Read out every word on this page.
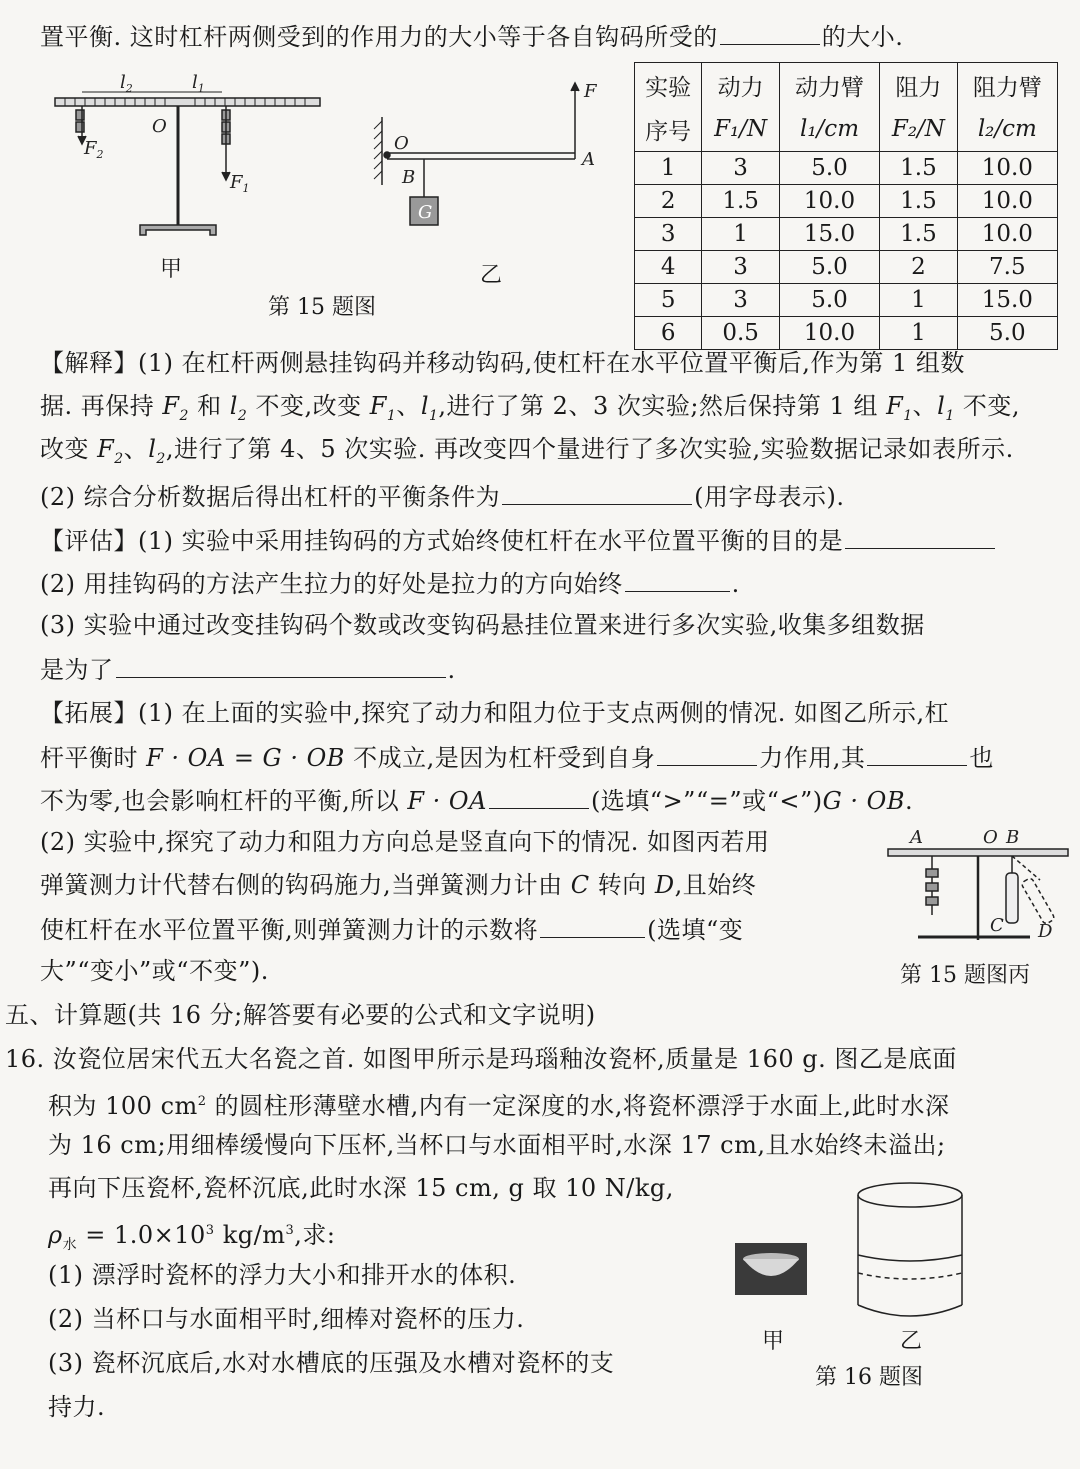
置平衡. 这时杠杆两侧受到的作用力的大小等于各自钩码所受的	的大小.
$l_2$	$l_1$
O
$F_2$
$F_1$
甲
F
O
A
B
G
乙
第 15 题图
实验	动力	动力臂	阻力	阻力臂
序号	F₁/N	l₁/cm	F₂/N	l₂/cm
1	3	5.0	1.5	10.0
2	1.5	10.0	1.5	10.0
3	1	15.0	1.5	10.0
4	3	5.0	2	7.5
5	3	5.0	1	15.0
6	0.5	10.0	1	5.0
【解释】(1) 在杠杆两侧悬挂钩码并移动钩码,使杠杆在水平位置平衡后,作为第 1 组数
据. 再保持 $F_2$ 和 $l_2$ 不变,改变 $F_1$、$l_1$,进行了第 2、3 次实验;然后保持第 1 组 $F_1$、$l_1$ 不变,
改变 $F_2$、$l_2$,进行了第 4、5 次实验. 再改变四个量进行了多次实验,实验数据记录如表所示.
(2) 综合分析数据后得出杠杆的平衡条件为	(用字母表示).
【评估】(1) 实验中采用挂钩码的方式始终使杠杆在水平位置平衡的目的是
(2) 用挂钩码的方法产生拉力的好处是拉力的方向始终	.
(3) 实验中通过改变挂钩码个数或改变钩码悬挂位置来进行多次实验,收集多组数据
是为了	.
【拓展】(1) 在上面的实验中,探究了动力和阻力位于支点两侧的情况. 如图乙所示,杠
杆平衡时 F · OA = G · OB 不成立,是因为杠杆受到自身	力作用,其	也
不为零,也会影响杠杆的平衡,所以 F · OA	(选填“>”“=”或“<”)G · OB.
(2) 实验中,探究了动力和阻力方向总是竖直向下的情况. 如图丙若用
弹簧测力计代替右侧的钩码施力,当弹簧测力计由 C 转向 D,且始终
使杠杆在水平位置平衡,则弹簧测力计的示数将	(选填“变
大”“变小”或“不变”).
A	O B
C D
第 15 题图丙
五、计算题(共 16 分;解答要有必要的公式和文字说明)
16. 汝瓷位居宋代五大名瓷之首. 如图甲所示是玛瑙釉汝瓷杯,质量是 160 g. 图乙是底面
积为 100 $cm^2$ 的圆柱形薄壁水槽,内有一定深度的水,将瓷杯漂浮于水面上,此时水深
为 16 cm;用细棒缓慢向下压杯,当杯口与水面相平时,水深 17 cm,且水始终未溢出;
再向下压瓷杯,瓷杯沉底,此时水深 15 cm, g 取 10 N/kg,
$\rho_水 = 1.0\times 10^3$ $kg/m^3$,求:
(1) 漂浮时瓷杯的浮力大小和排开水的体积.
(2) 当杯口与水面相平时,细棒对瓷杯的压力.
(3) 瓷杯沉底后,水对水槽底的压强及水槽对瓷杯的支
持力.
甲	乙
第 16 题图
